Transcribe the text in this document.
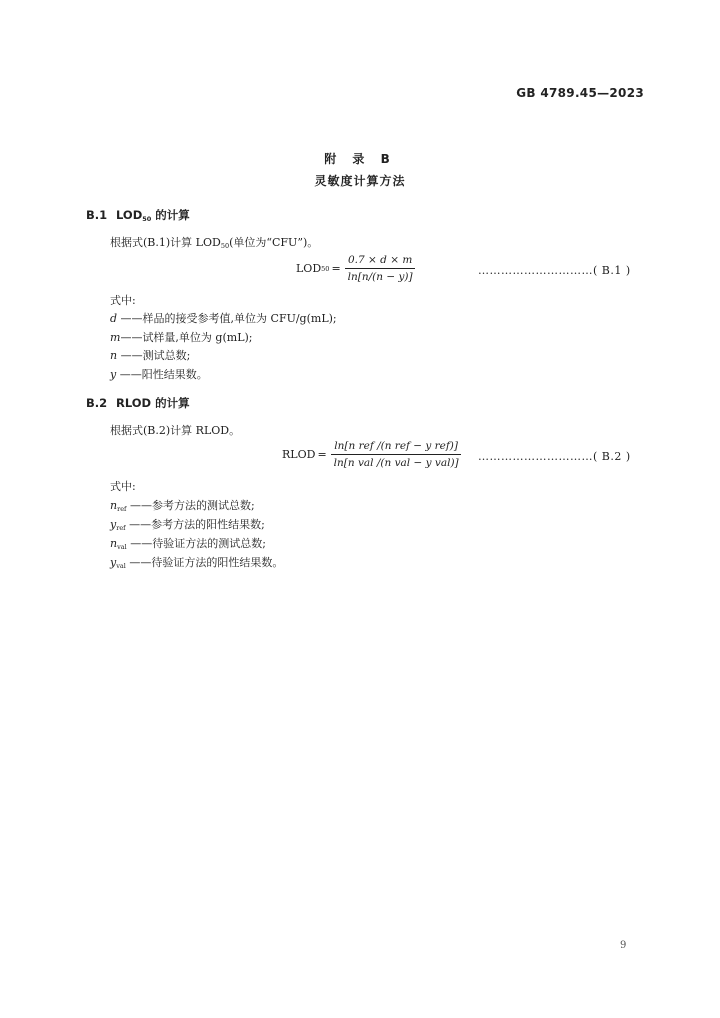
GB 4789.45—2023
附 录 B
灵敏度计算方法
B.1 $LOD_{50}$ 的计算
根据式(B.1)计算 $LOD_{50}$(单位为“CFU”)。
LOD $50 = \frac{0.7 \times d \times m}{\ln[n/(n - y)]}$	…………………………( B.1 )
式中:
d ——样品的接受参考值,单位为 CFU/g(mL);
m——试样量,单位为 g(mL);
n ——测试总数;
y ——阳性结果数。
B.2 RLOD 的计算
根据式(B.2)计算 RLOD。
RLOD = $\frac{\text{ln[n ref /(n ref − y ref)]}}{\text{ln[n val /(n val − y val)]}}$ …………………………( B.2 )
式中:
$n_{ref}$ ——参考方法的测试总数;
$y_{ref}$ ——参考方法的阳性结果数;
$n_{val}$ ——待验证方法的测试总数;
$y_{val}$ ——待验证方法的阳性结果数。
9
